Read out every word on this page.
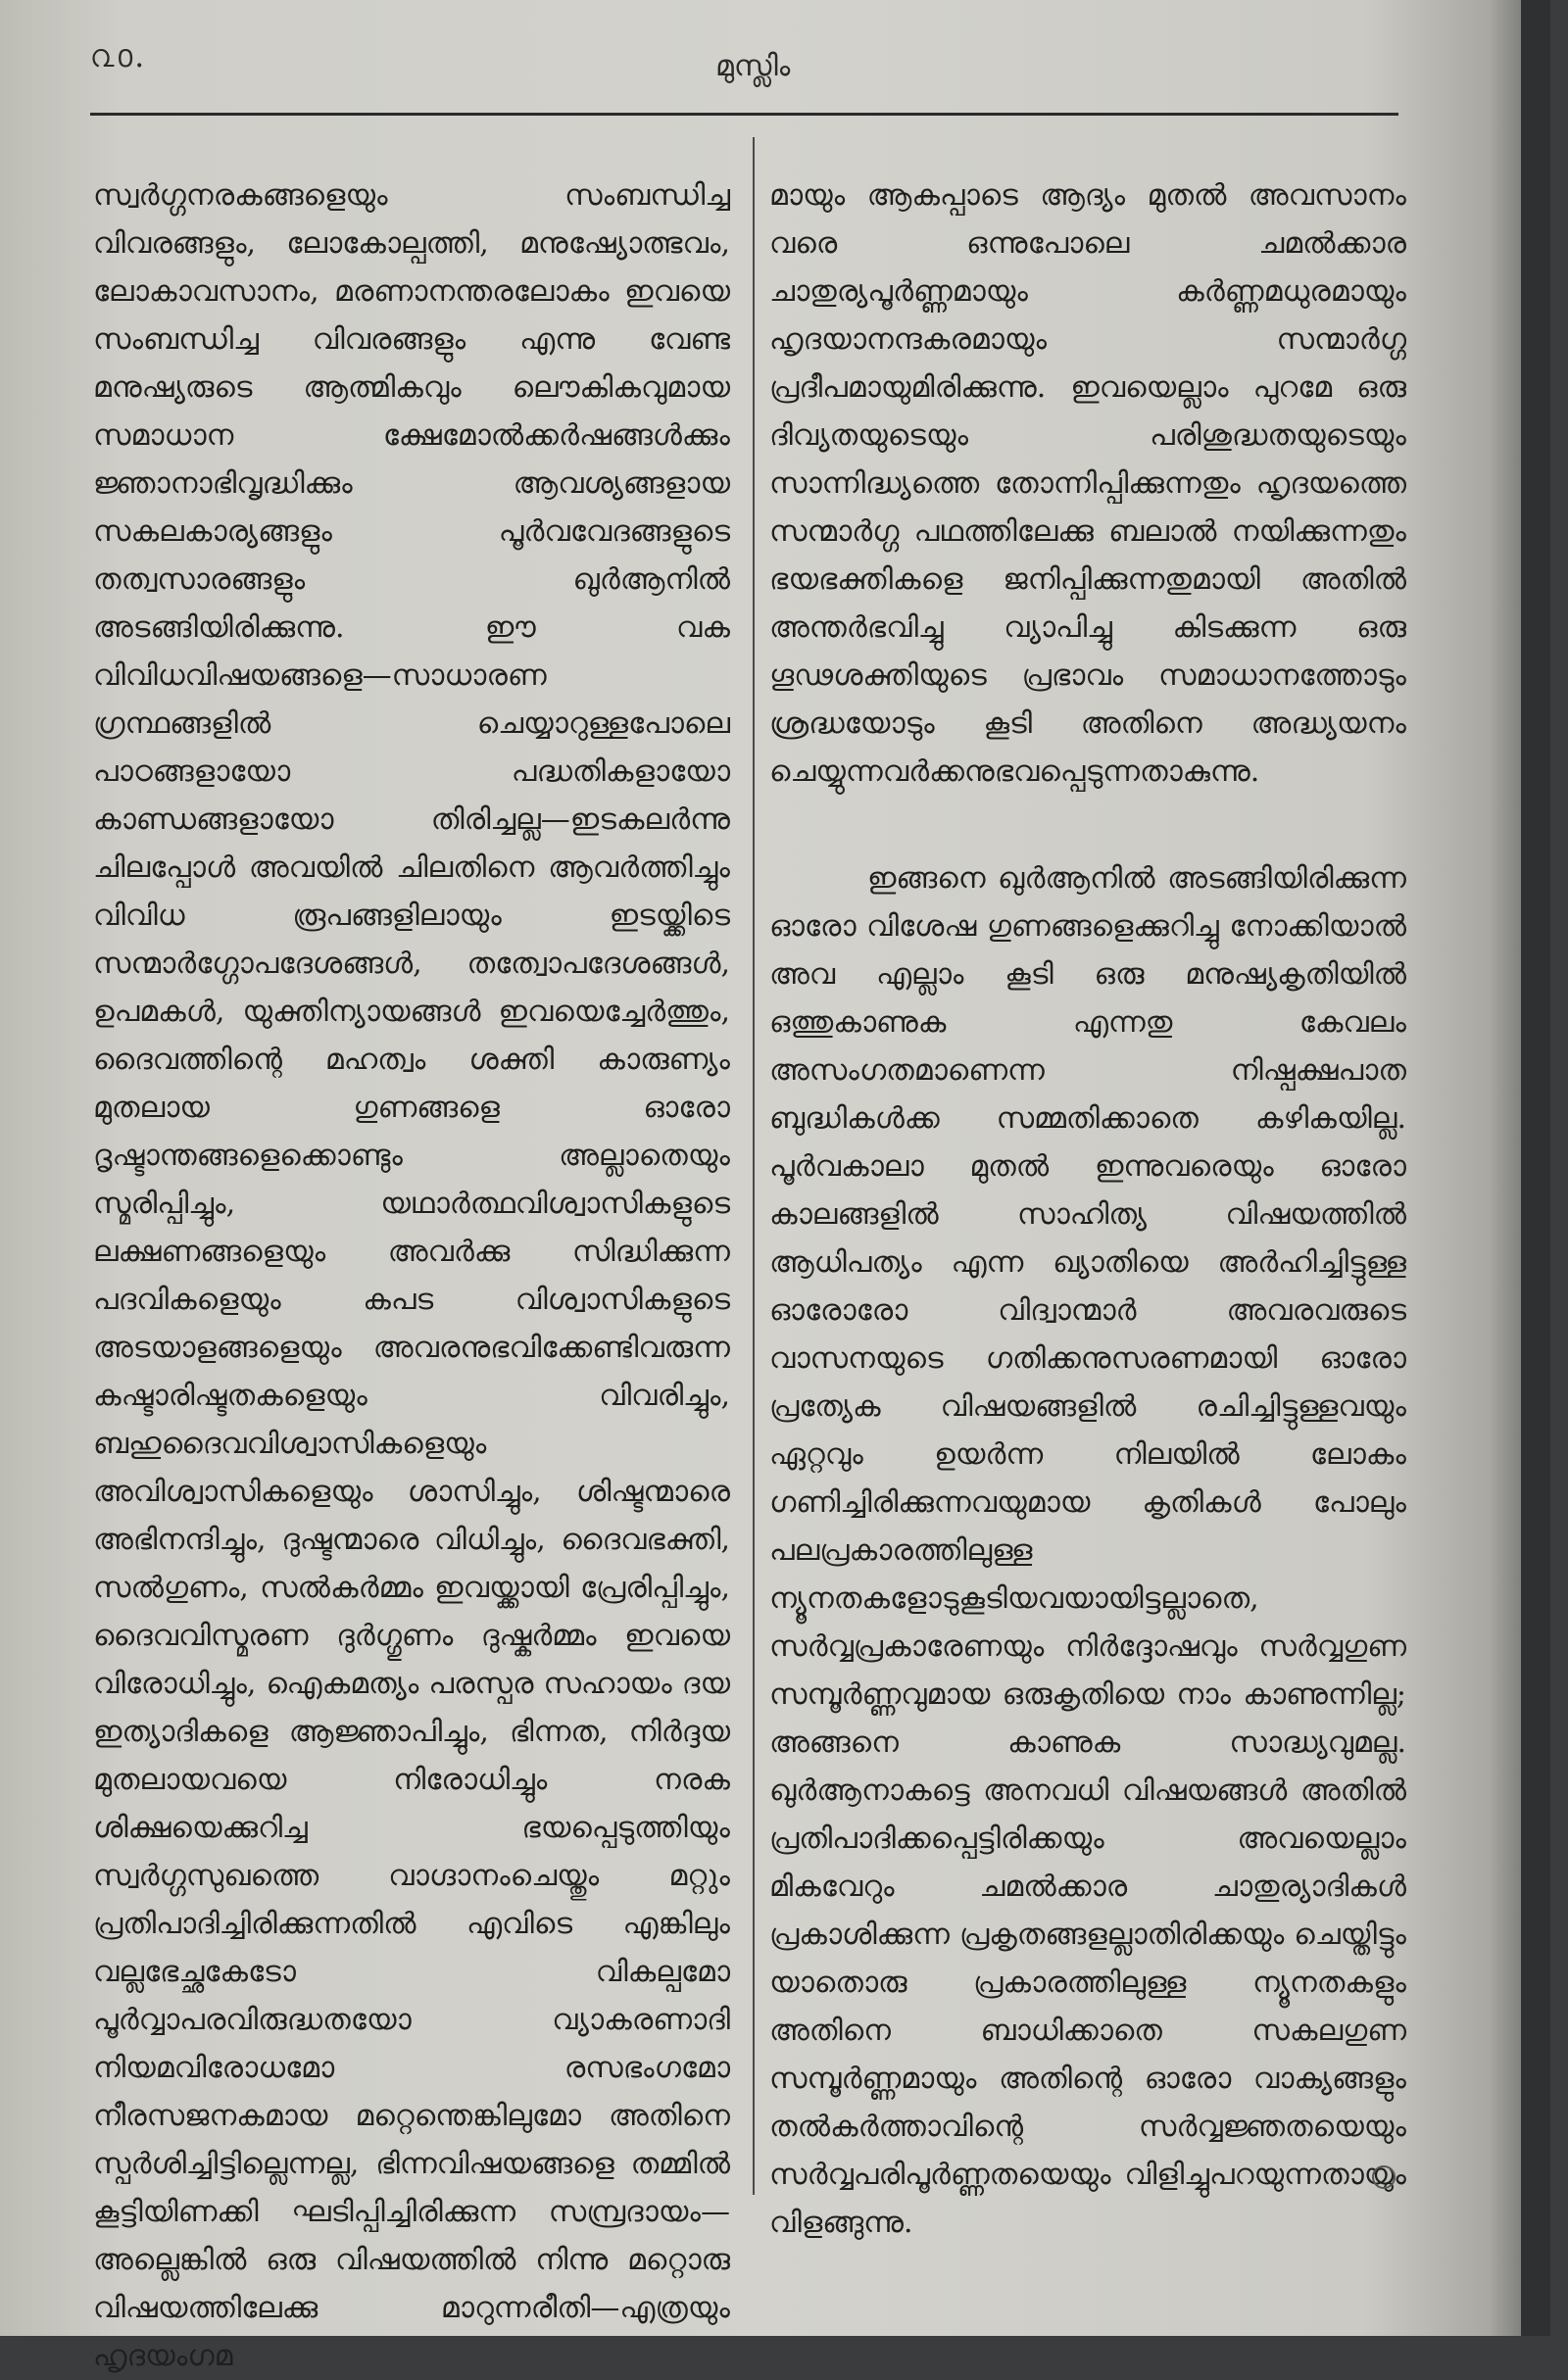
൨൦.	മുസ്ലിം

സ്വർഗ്ഗനരകങ്ങളെയും സംബന്ധിച്ച വിവരങ്ങളും, ലോകോല്പത്തി, മനുഷ്യോത്ഭവം, ലോകാവസാനം, മരണാനന്തരലോകം ഇവയെ സംബന്ധിച്ച വിവരങ്ങളും എന്നു വേണ്ട മനുഷ്യരുടെ ആത്മികവും ലൌകികവുമായ സമാധാന ക്ഷേമോൽക്കർഷങ്ങൾക്കും ജ്ഞാനാഭിവൃദ്ധിക്കും ആവശ്യങ്ങളായ സകലകാര്യങ്ങളും പൂർവവേദങ്ങളുടെ തത്വസാരങ്ങളും ഖുർആനിൽ അടങ്ങിയിരിക്കുന്നു. ഈ വക വിവിധവിഷയങ്ങളെ—സാധാരണ ഗ്രന്ഥങ്ങളിൽ ചെയ്യാറുള്ളപോലെ പാഠങ്ങളായോ പദ്ധതികളായോ കാണ്ഡങ്ങളായോ തിരിച്ചല്ല—ഇടകലർന്നു ചിലപ്പോൾ അവയിൽ ചിലതിനെ ആവർത്തിച്ചും വിവിധ രൂപങ്ങളിലായും ഇടയ്ക്കിടെ സന്മാർഗ്ഗോപദേശങ്ങൾ, തത്വോപദേശങ്ങൾ, ഉപമകൾ, യുക്തിന്യായങ്ങൾ ഇവയെച്ചേർത്തും, ദൈവത്തിന്റെ മഹത്വം ശക്തി കാരുണ്യം മുതലായ ഗുണങ്ങളെ ഓരോ ദൃഷ്ടാന്തങ്ങളെക്കൊണ്ടും അല്ലാതെയും സ്മരിപ്പിച്ചും, യഥാർത്ഥവിശ്വാസികളുടെ ലക്ഷണങ്ങളെയും അവർക്കു സിദ്ധിക്കുന്ന പദവികളെയും കപട വിശ്വാസികളുടെ അടയാളങ്ങളെയും അവരനുഭവിക്കേണ്ടിവരുന്ന കഷ്ടാരിഷ്ടതകളെയും വിവരിച്ചും, ബഹുദൈവവിശ്വാസികളെയും അവിശ്വാസികളെയും ശാസിച്ചും, ശിഷ്ടന്മാരെ അഭിനന്ദിച്ചും, ദുഷ്ടന്മാരെ വിധിച്ചും, ദൈവഭക്തി, സൽഗുണം, സൽകർമ്മം ഇവയ്ക്കായി പ്രേരിപ്പിച്ചും, ദൈവവിസ്മരണ ദുർഗ്ഗുണം ദുഷ്കർമ്മം ഇവയെ വിരോധിച്ചും, ഐകമത്യം പരസ്പര സഹായം ദയ ഇത്യാദികളെ ആജ്ഞാപിച്ചും, ഭിന്നത, നിർദ്ദയ മുതലായവയെ നിരോധിച്ചും നരക ശിക്ഷയെക്കുറിച്ച ഭയപ്പെടുത്തിയും സ്വർഗ്ഗസുഖത്തെ വാഗ്ദാനംചെയ്തും മറ്റും പ്രതിപാദിച്ചിരിക്കുന്നതിൽ എവിടെ എങ്കിലും വല്ലഭേച്ഛകേടോ വികല്പമോ പൂർവ്വാപരവിരുദ്ധതയോ വ്യാകരണാദി നിയമവിരോധമോ രസഭംഗമോ നീരസജനകമായ മറ്റെന്തെങ്കിലുമോ അതിനെ സ്പർശിച്ചിട്ടില്ലെന്നല്ല, ഭിന്നവിഷയങ്ങളെ തമ്മിൽ കൂട്ടിയിണക്കി ഘടിപ്പിച്ചിരിക്കുന്ന സമ്പ്രദായം—അല്ലെങ്കിൽ ഒരു വിഷയത്തിൽ നിന്നു മറ്റൊരു വിഷയത്തിലേക്കു മാറുന്നരീതി—എത്രയും ഹൃദയംഗമ

മായും ആകപ്പാടെ ആദ്യം മുതൽ അവസാനം വരെ ഒന്നുപോലെ ചമൽക്കാര ചാതുര്യപൂർണ്ണമായും കർണ്ണമധുരമായും ഹൃദയാനന്ദകരമായും സന്മാർഗ്ഗ പ്രദീപമായുമിരിക്കുന്നു. ഇവയെല്ലാം പുറമേ ഒരു ദിവ്യതയുടെയും പരിശുദ്ധതയുടെയും സാന്നിദ്ധ്യത്തെ തോന്നിപ്പിക്കുന്നതും ഹൃദയത്തെ സന്മാർഗ്ഗ പഥത്തിലേക്കു ബലാൽ നയിക്കുന്നതും ഭയഭക്തികളെ ജനിപ്പിക്കുന്നതുമായി അതിൽ അന്തർഭവിച്ചു വ്യാപിച്ചു കിടക്കുന്ന ഒരു ഗൂഢശക്തിയുടെ പ്രഭാവം സമാധാനത്തോടും ശ്രദ്ധയോടും കൂടി അതിനെ അദ്ധ്യയനം ചെയ്യുന്നവർക്കനുഭവപ്പെടുന്നതാകുന്നു.

ഇങ്ങനെ ഖുർആനിൽ അടങ്ങിയിരിക്കുന്ന ഓരോ വിശേഷ ഗുണങ്ങളെക്കുറിച്ചു നോക്കിയാൽ അവ എല്ലാം കൂടി ഒരു മനുഷ്യകൃതിയിൽ ഒത്തുകാണുക എന്നതു കേവലം അസംഗതമാണെന്ന നിഷ്പക്ഷപാത ബുദ്ധികൾക്ക സമ്മതിക്കാതെ കഴികയില്ല. പൂർവകാലാ മുതൽ ഇന്നുവരെയും ഓരോ കാലങ്ങളിൽ സാഹിത്യ വിഷയത്തിൽ ആധിപത്യം എന്ന ഖ്യാതിയെ അർഹിച്ചിട്ടുള്ള ഓരോരോ വിദ്വാന്മാർ അവരവരുടെ വാസനയുടെ ഗതിക്കനുസരണമായി ഓരോ പ്രത്യേക വിഷയങ്ങളിൽ രചിച്ചിട്ടുള്ളവയും ഏറ്റവും ഉയർന്ന നിലയിൽ ലോകം ഗണിച്ചിരിക്കുന്നവയുമായ കൃതികൾ പോലും പലപ്രകാരത്തിലുള്ള ന്യൂനതകളോടുകൂടിയവയായിട്ടല്ലാതെ, സർവ്വപ്രകാരേണയും നിർദ്ദോഷവും സർവ്വഗുണ സമ്പൂർണ്ണവുമായ ഒരുകൃതിയെ നാം കാണുന്നില്ല; അങ്ങനെ കാണുക സാദ്ധ്യവുമല്ല. ഖുർആനാകട്ടെ അനവധി വിഷയങ്ങൾ അതിൽ പ്രതിപാദിക്കപ്പെട്ടിരിക്കയും അവയെല്ലാം മികവേറും ചമൽക്കാര ചാതുര്യാദികൾ പ്രകാശിക്കുന്ന പ്രകൃതങ്ങളല്ലാതിരിക്കയും ചെയ്തിട്ടും യാതൊരു പ്രകാരത്തിലുള്ള ന്യൂനതകളും അതിനെ ബാധിക്കാതെ സകലഗുണ സമ്പൂർണ്ണമായും അതിന്റെ ഓരോ വാക്യങ്ങളും തൽകർത്താവിന്റെ സർവ്വജ്ഞതയെയും സർവ്വപരിപൂർണ്ണതയെയും വിളിച്ചുപറയുന്നതായും വിളങ്ങുന്നു.
